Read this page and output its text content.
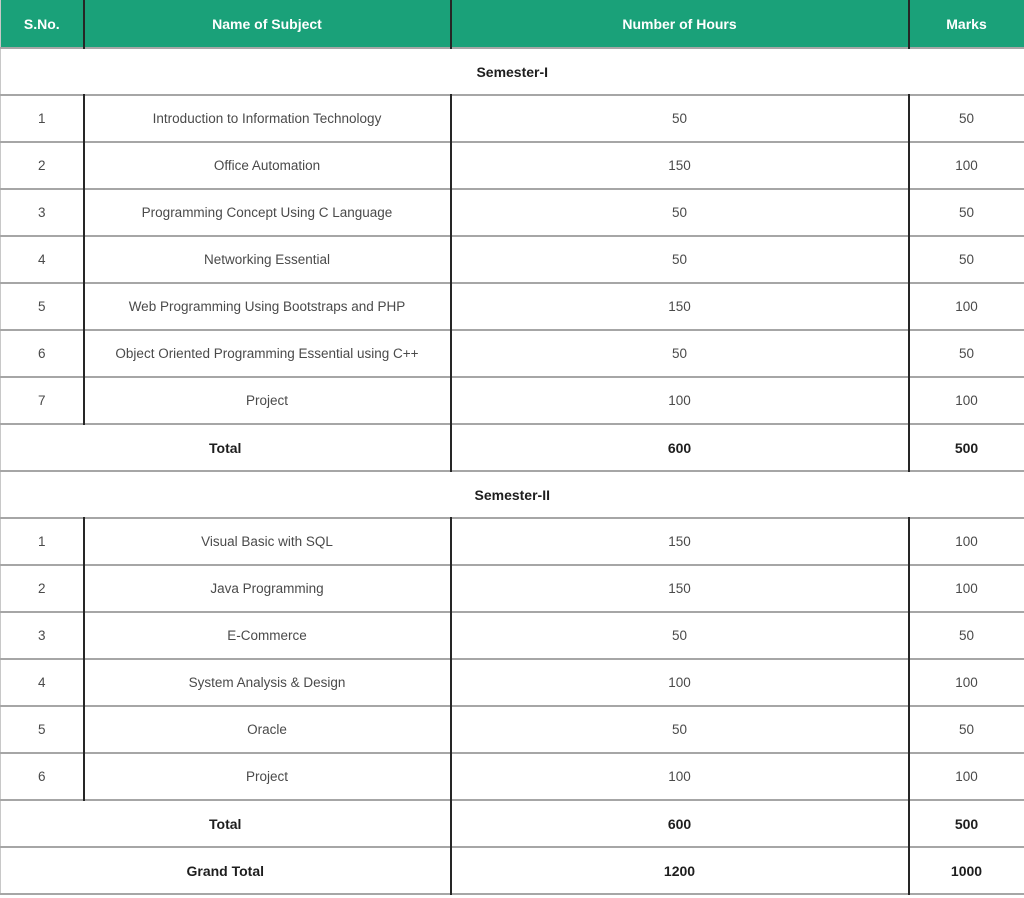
S.No.	Name of Subject	Number of Hours	Marks
Semester-I			
1	Introduction to Information Technology	50	50
2	Office Automation	150	100
3	Programming Concept Using C Language	50	50
4	Networking Essential	50	50
5	Web Programming Using Bootstraps and PHP	150	100
6	Object Oriented Programming Essential using C++	50	50
7	Project	100	100
Total		600	500
Semester-II			
1	Visual Basic with SQL	150	100
2	Java Programming	150	100
3	E-Commerce	50	50
4	System Analysis & Design	100	100
5	Oracle	50	50
6	Project	100	100
Total		600	500
Grand Total		1200	1000
